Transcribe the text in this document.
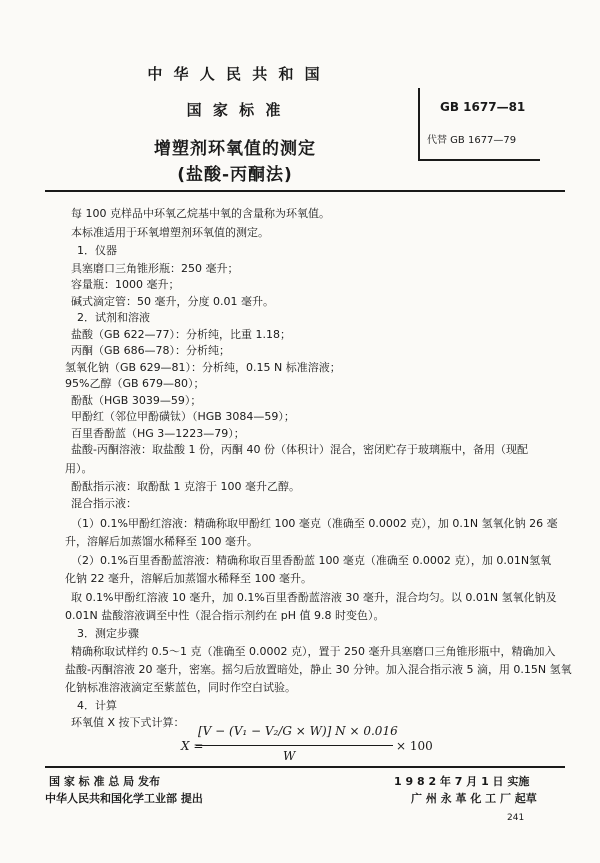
中 华 人 民 共 和 国
国 家 标 准
增塑剂环氧值的测定
(盐酸-丙酮法)
GB 1677—81
代替 GB 1677—79
每 100 克样品中环氧乙烷基中氧的含量称为环氧值。
本标准适用于环氧增塑剂环氧值的测定。
1．仪器
具塞磨口三角锥形瓶：250 毫升；
容量瓶：1000 毫升；
碱式滴定管：50 毫升，分度 0.01 毫升。
2．试剂和溶液
盐酸（GB 622—77）：分析纯，比重 1.18；
丙酮（GB 686—78）：分析纯；
氢氧化钠（GB 629—81）：分析纯，0.15 N 标准溶液；
95%乙醇（GB 679—80）；
酚酞（HGB 3039—59）；
甲酚红（邻位甲酚磺钛）（HGB 3084—59）；
百里香酚蓝（HG 3—1223—79）；
盐酸-丙酮溶液：取盐酸 1 份，丙酮 40 份（体积计）混合，密闭贮存于玻璃瓶中，备用（现配
用）。
酚酞指示液：取酚酞 1 克溶于 100 毫升乙醇。
混合指示液：
（1）0.1%甲酚红溶液：精确称取甲酚红 100 毫克（准确至 0.0002 克），加 0.1N 氢氧化钠 26 毫
升，溶解后加蒸馏水稀释至 100 毫升。
（2）0.1%百里香酚蓝溶液：精确称取百里香酚蓝 100 毫克（准确至 0.0002 克），加 0.01N氢氧
化钠 22 毫升，溶解后加蒸馏水稀释至 100 毫升。
取 0.1%甲酚红溶液 10 毫升，加 0.1%百里香酚蓝溶液 30 毫升，混合均匀。以 0.01N 氢氧化钠及
0.01N 盐酸溶液调至中性（混合指示剂约在 pH 值 9.8 时变色）。
3．测定步骤
精确称取试样约 0.5～1 克（准确至 0.0002 克），置于 250 毫升具塞磨口三角锥形瓶中，精确加入
盐酸-丙酮溶液 20 毫升，密塞。摇匀后放置暗处，静止 30 分钟。加入混合指示液 5 滴，用 0.15N 氢氧
化钠标准溶液滴定至紫蓝色，同时作空白试验。
4．计算
环氧值 X 按下式计算：
X =
[V − (V₁ − V₂/G × W)] N × 0.016
W
× 100
国 家 标 准 总 局 发布	1 9 8 2 年 7 月 1 日 实施
中华人民共和国化学工业部 提出	广 州 永 革 化 工 厂 起草
241
